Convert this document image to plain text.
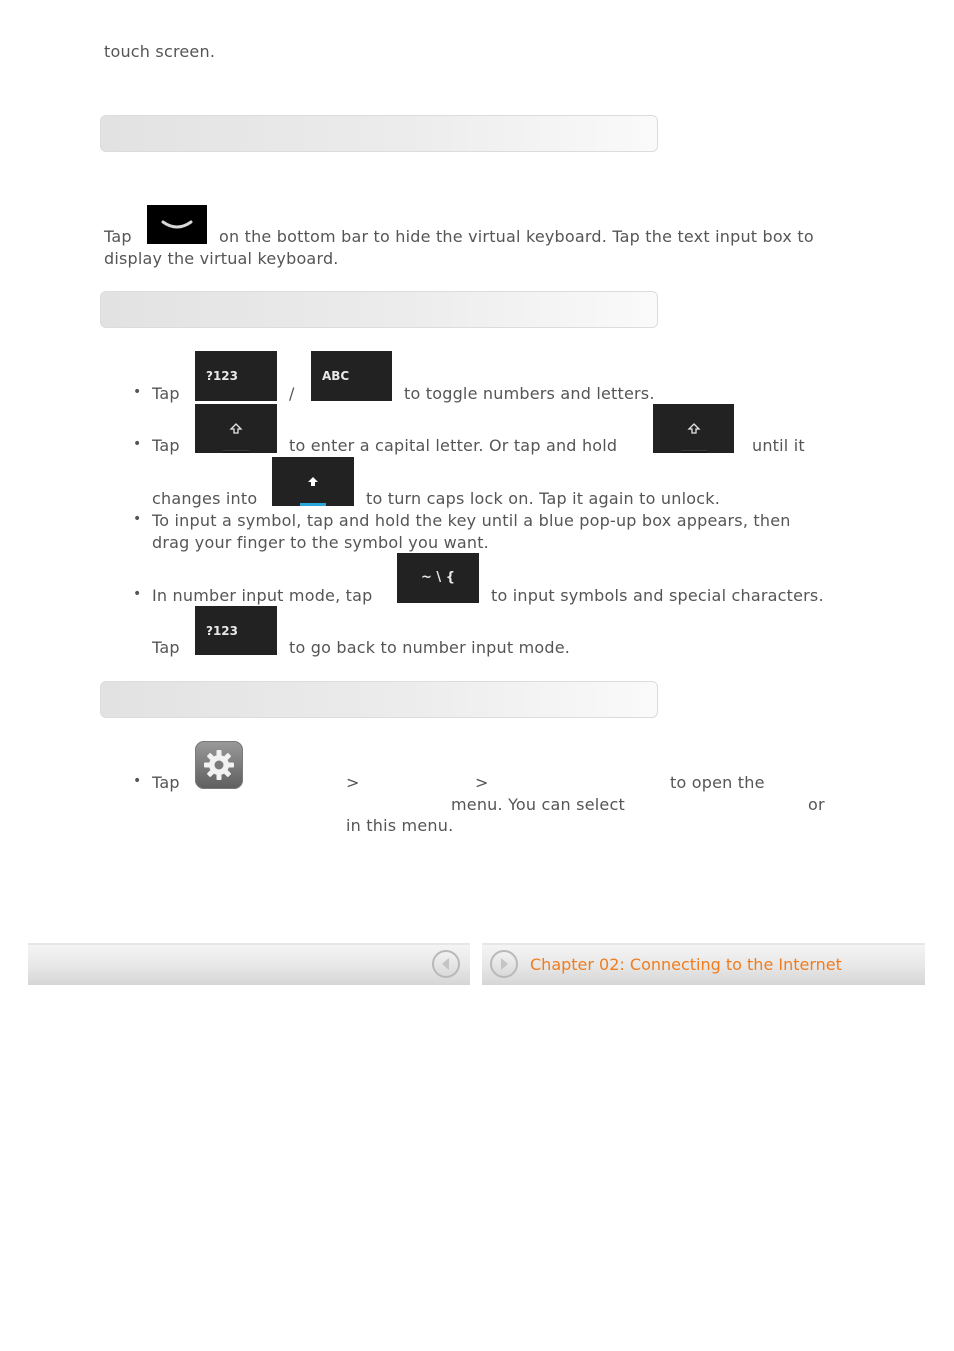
touch screen.
Tap	on the bottom bar to hide the virtual keyboard. Tap the text input box to
display the virtual keyboard.
• Tap
?123
/
ABC
to toggle numbers and letters.
• Tap	to enter a capital letter. Or tap and hold	until it
changes into	to turn caps lock on. Tap it again to unlock.
• To input a symbol, tap and hold the key until a blue pop-up box appears, then
drag your finger to the symbol you want.
• In number input mode, tap
~ \ {
to input symbols and special characters.
Tap
?123
to go back to number input mode.
• Tap	>	>	to open the
menu. You can select	or
in this menu.
Chapter 02: Connecting to the Internet
